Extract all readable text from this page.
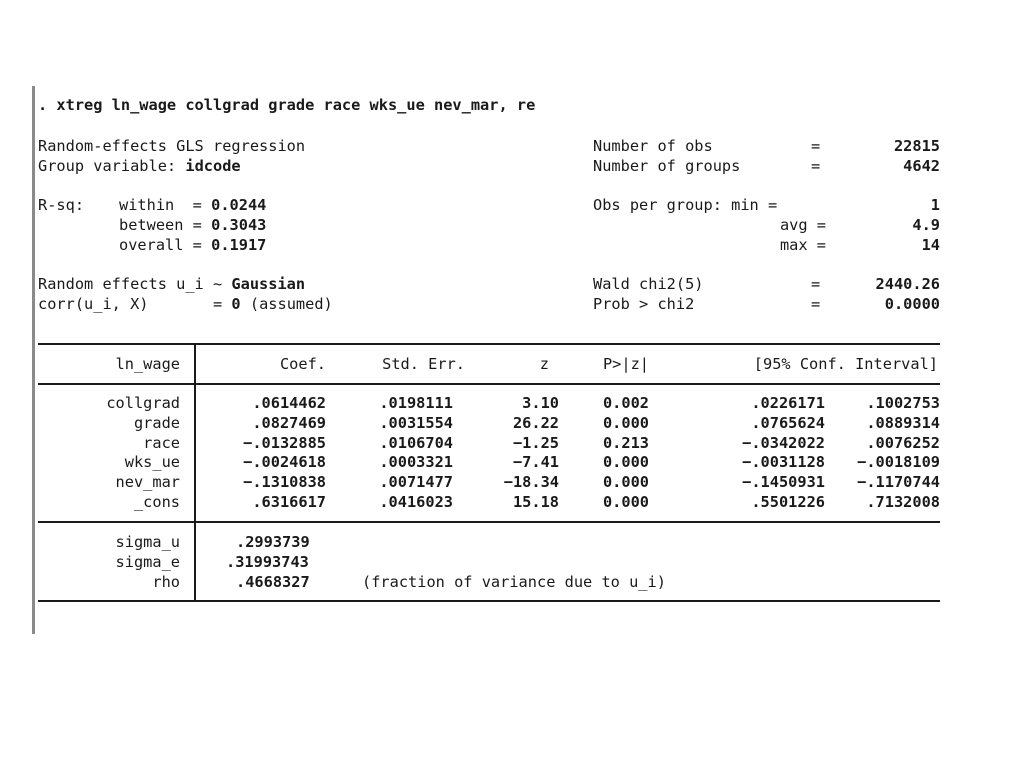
. xtreg ln_wage collgrad grade race wks_ue nev_mar, re
Random-effects GLS regression
Group variable: idcode
R-sq: within  = 0.0244
between = 0.3043
overall = 0.1917
Random effects u_i ~ Gaussian
corr(u_i, X)       = 0 (assumed)
Number of obs	=	22815
Number of groups	=	4642
Obs per group: min =	1
avg =	4.9
max =	14
Wald chi2(5)	=	2440.26
Prob > chi2	=	0.0000
ln_wage	Coef.	Std. Err.	z	P>|z|	[95% Conf. Interval]
collgrad	.0614462	.0198111	3.10	0.002	.0226171	.1002753
grade	.0827469	.0031554	26.22	0.000	.0765624	.0889314
race	−.0132885	.0106704	−1.25	0.213	−.0342022	.0076252
wks_ue	−.0024618	.0003321	−7.41	0.000	−.0031128 −.0018109
nev_mar	−.1310838	.0071477	−18.34	0.000	−.1450931 −.1170744
_cons	.6316617	.0416023	15.18	0.000	.5501226	.7132008
sigma_u	.2993739
sigma_e	.31993743
rho	.4668327	(fraction of variance due to u_i)
